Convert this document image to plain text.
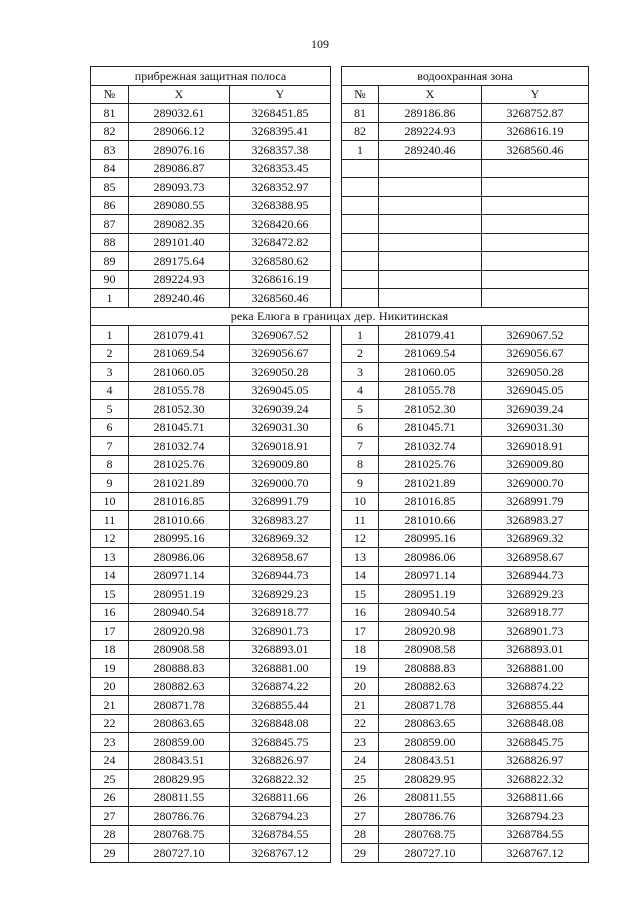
109
прибрежная защитная полоса				водоохранная зона		
№	X	Y		№	X	Y
81	289032.61	3268451.85		81	289186.86	3268752.87
82	289066.12	3268395.41		82	289224.93	3268616.19
83	289076.16	3268357.38		1	289240.46	3268560.46
84	289086.87	3268353.45				
85	289093.73	3268352.97				
86	289080.55	3268388.95				
87	289082.35	3268420.66				
88	289101.40	3268472.82				
89	289175.64	3268580.62				
90	289224.93	3268616.19				
1	289240.46	3268560.46				
река Елюга в границах дер. Никитинская						
1	281079.41	3269067.52		1	281079.41	3269067.52
2	281069.54	3269056.67		2	281069.54	3269056.67
3	281060.05	3269050.28		3	281060.05	3269050.28
4	281055.78	3269045.05		4	281055.78	3269045.05
5	281052.30	3269039.24		5	281052.30	3269039.24
6	281045.71	3269031.30		6	281045.71	3269031.30
7	281032.74	3269018.91		7	281032.74	3269018.91
8	281025.76	3269009.80		8	281025.76	3269009.80
9	281021.89	3269000.70		9	281021.89	3269000.70
10	281016.85	3268991.79		10	281016.85	3268991.79
11	281010.66	3268983.27		11	281010.66	3268983.27
12	280995.16	3268969.32		12	280995.16	3268969.32
13	280986.06	3268958.67		13	280986.06	3268958.67
14	280971.14	3268944.73		14	280971.14	3268944.73
15	280951.19	3268929.23		15	280951.19	3268929.23
16	280940.54	3268918.77		16	280940.54	3268918.77
17	280920.98	3268901.73		17	280920.98	3268901.73
18	280908.58	3268893.01		18	280908.58	3268893.01
19	280888.83	3268881.00		19	280888.83	3268881.00
20	280882.63	3268874.22		20	280882.63	3268874.22
21	280871.78	3268855.44		21	280871.78	3268855.44
22	280863.65	3268848.08		22	280863.65	3268848.08
23	280859.00	3268845.75		23	280859.00	3268845.75
24	280843.51	3268826.97		24	280843.51	3268826.97
25	280829.95	3268822.32		25	280829.95	3268822.32
26	280811.55	3268811.66		26	280811.55	3268811.66
27	280786.76	3268794.23		27	280786.76	3268794.23
28	280768.75	3268784.55		28	280768.75	3268784.55
29	280727.10	3268767.12		29	280727.10	3268767.12
